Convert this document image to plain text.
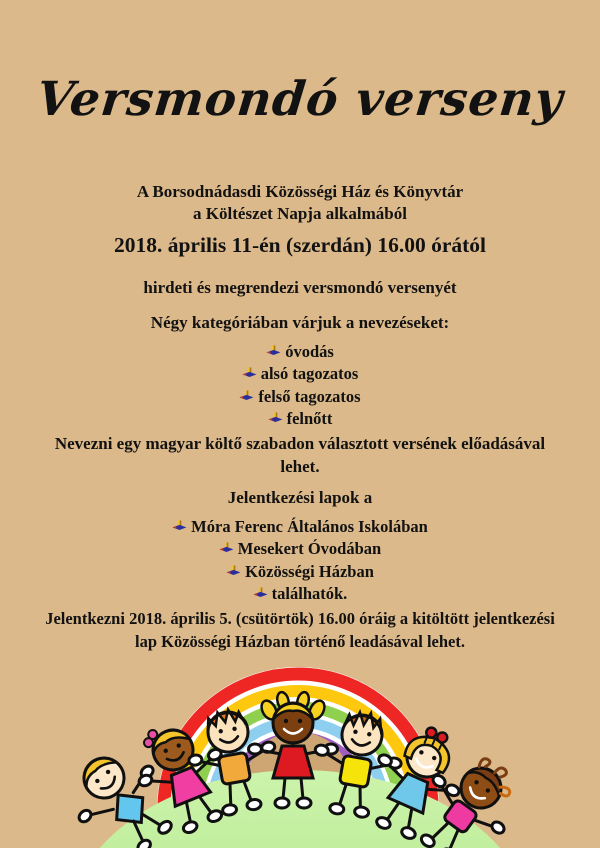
Versmondó verseny
A Borsodnádasdi Közösségi Ház és Könyvtár
a Költészet Napja alkalmából
2018. április 11-én (szerdán) 16.00 órától
hirdeti és megrendezi versmondó versenyét
Négy kategóriában várjuk a nevezéseket:
óvodás
alsó tagozatos
felső tagozatos
felnőtt
Nevezni egy magyar költő szabadon választott versének előadásával
lehet.
Jelentkezési lapok a
Móra Ferenc Általános Iskolában
Mesekert Óvodában
Közösségi Házban
találhatók.
Jelentkezni 2018. április 5. (csütörtök) 16.00 óráig a kitöltött jelentkezési
lap Közösségi Házban történő leadásával lehet.
